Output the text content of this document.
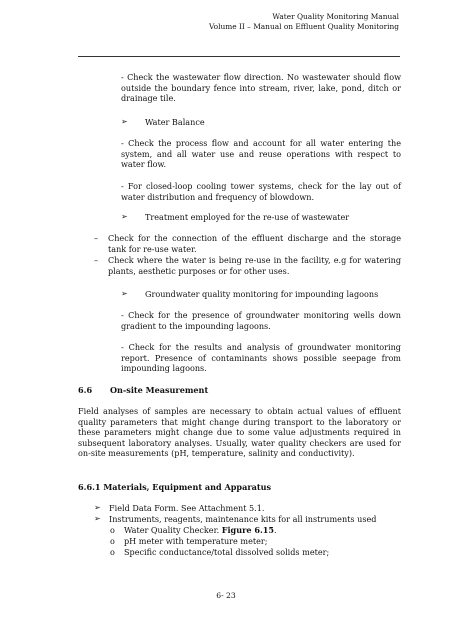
Water Quality Monitoring Manual
Volume II – Manual on Effluent Quality Monitoring
- Check the wastewater flow direction. No wastewater should flow outside the boundary fence into stream, river, lake, pond, ditch or drainage tile.
➢ Water Balance
- Check the process flow and account for all water entering the system, and all water use and reuse operations with respect to water flow.
- For closed-loop cooling tower systems, check for the lay out of water distribution and frequency of blowdown.
➢ Treatment employed for the re-use of wastewater
– Check for the connection of the effluent discharge and the storage tank for re-use water.
– Check where the water is being re-use in the facility, e.g for watering plants, aesthetic purposes or for other uses.
➢ Groundwater quality monitoring for impounding lagoons
- Check for the presence of groundwater monitoring wells down gradient to the impounding lagoons.
- Check for the results and analysis of groundwater monitoring report. Presence of contaminants shows possible seepage from impounding lagoons.
6.6 On-site Measurement
Field analyses of samples are necessary to obtain actual values of effluent quality parameters that might change during transport to the laboratory or these parameters might change due to some value adjustments required in subsequent laboratory analyses. Usually, water quality checkers are used for on-site measurements (pH, temperature, salinity and conductivity).
6.6.1 Materials, Equipment and Apparatus
➢ Field Data Form. See Attachment 5.1.
➢ Instruments, reagents, maintenance kits for all instruments used
o Water Quality Checker. Figure 6.15.
o pH meter with temperature meter;
o Specific conductance/total dissolved solids meter;
6- 23
